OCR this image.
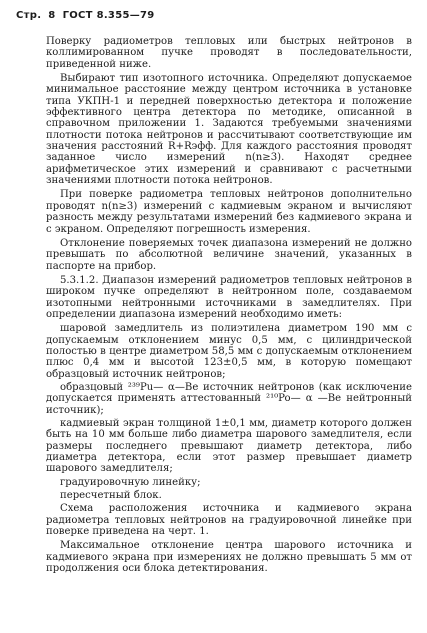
Стр. 8 ГОСТ 8.355—79

Поверку радиометров тепловых или быстрых нейтронов в коллимированном пучке проводят в последовательности, приведенной ниже.

Выбирают тип изотопного источника. Определяют допускаемое минимальное расстояние между центром источника в установке типа УКПН-1 и передней поверхностью детектора и положение эффективного центра детектора по методике, описанной в справочном приложении 1. Задаются требуемыми значениями плотности потока нейтронов и рассчитывают соответствующие им значения расстояний R+Rэфф. Для каждого расстояния проводят заданное число измерений n(n≥3). Находят среднее арифметическое этих измерений и сравнивают с расчетными значениями плотности потока нейтронов.

При поверке радиометра тепловых нейтронов дополнительно проводят n(n≥3) измерений с кадмиевым экраном и вычисляют разность между результатами измерений без кадмиевого экрана и с экраном. Определяют погрешность измерения.

Отклонение поверяемых точек диапазона измерений не должно превышать по абсолютной величине значений, указанных в паспорте на прибор.

5.3.1.2. Диапазон измерений радиометров тепловых нейтронов в широком пучке определяют в нейтронном поле, создаваемом изотопными нейтронными источниками в замедлителях. При определении диапазона измерений необходимо иметь:

шаровой замедлитель из полиэтилена диаметром 190 мм с допускаемым отклонением минус 0,5 мм, с цилиндрической полостью в центре диаметром 58,5 мм с допускаемым отклонением плюс 0,4 мм и высотой 123±0,5 мм, в которую помещают образцовый источник нейтронов;

образцовый ²³⁹Pu— α—Ве источник нейтронов (как исключение допускается применять аттестованный ²¹⁰Po— α —Ве нейтронный источник);

кадмиевый экран толщиной 1±0,1 мм, диаметр которого должен быть на 10 мм больше либо диаметра шарового замедлителя, если размеры последнего превышают диаметр детектора, либо диаметра детектора, если этот размер превышает диаметр шарового замедлителя;

градуировочную линейку;

пересчетный блок.

Схема расположения источника и кадмиевого экрана радиометра тепловых нейтронов на градуировочной линейке при поверке приведена на черт. 1.

Максимальное отклонение центра шарового источника и кадмиевого экрана при измерениях не должно превышать 5 мм от продолжения оси блока детектирования.
